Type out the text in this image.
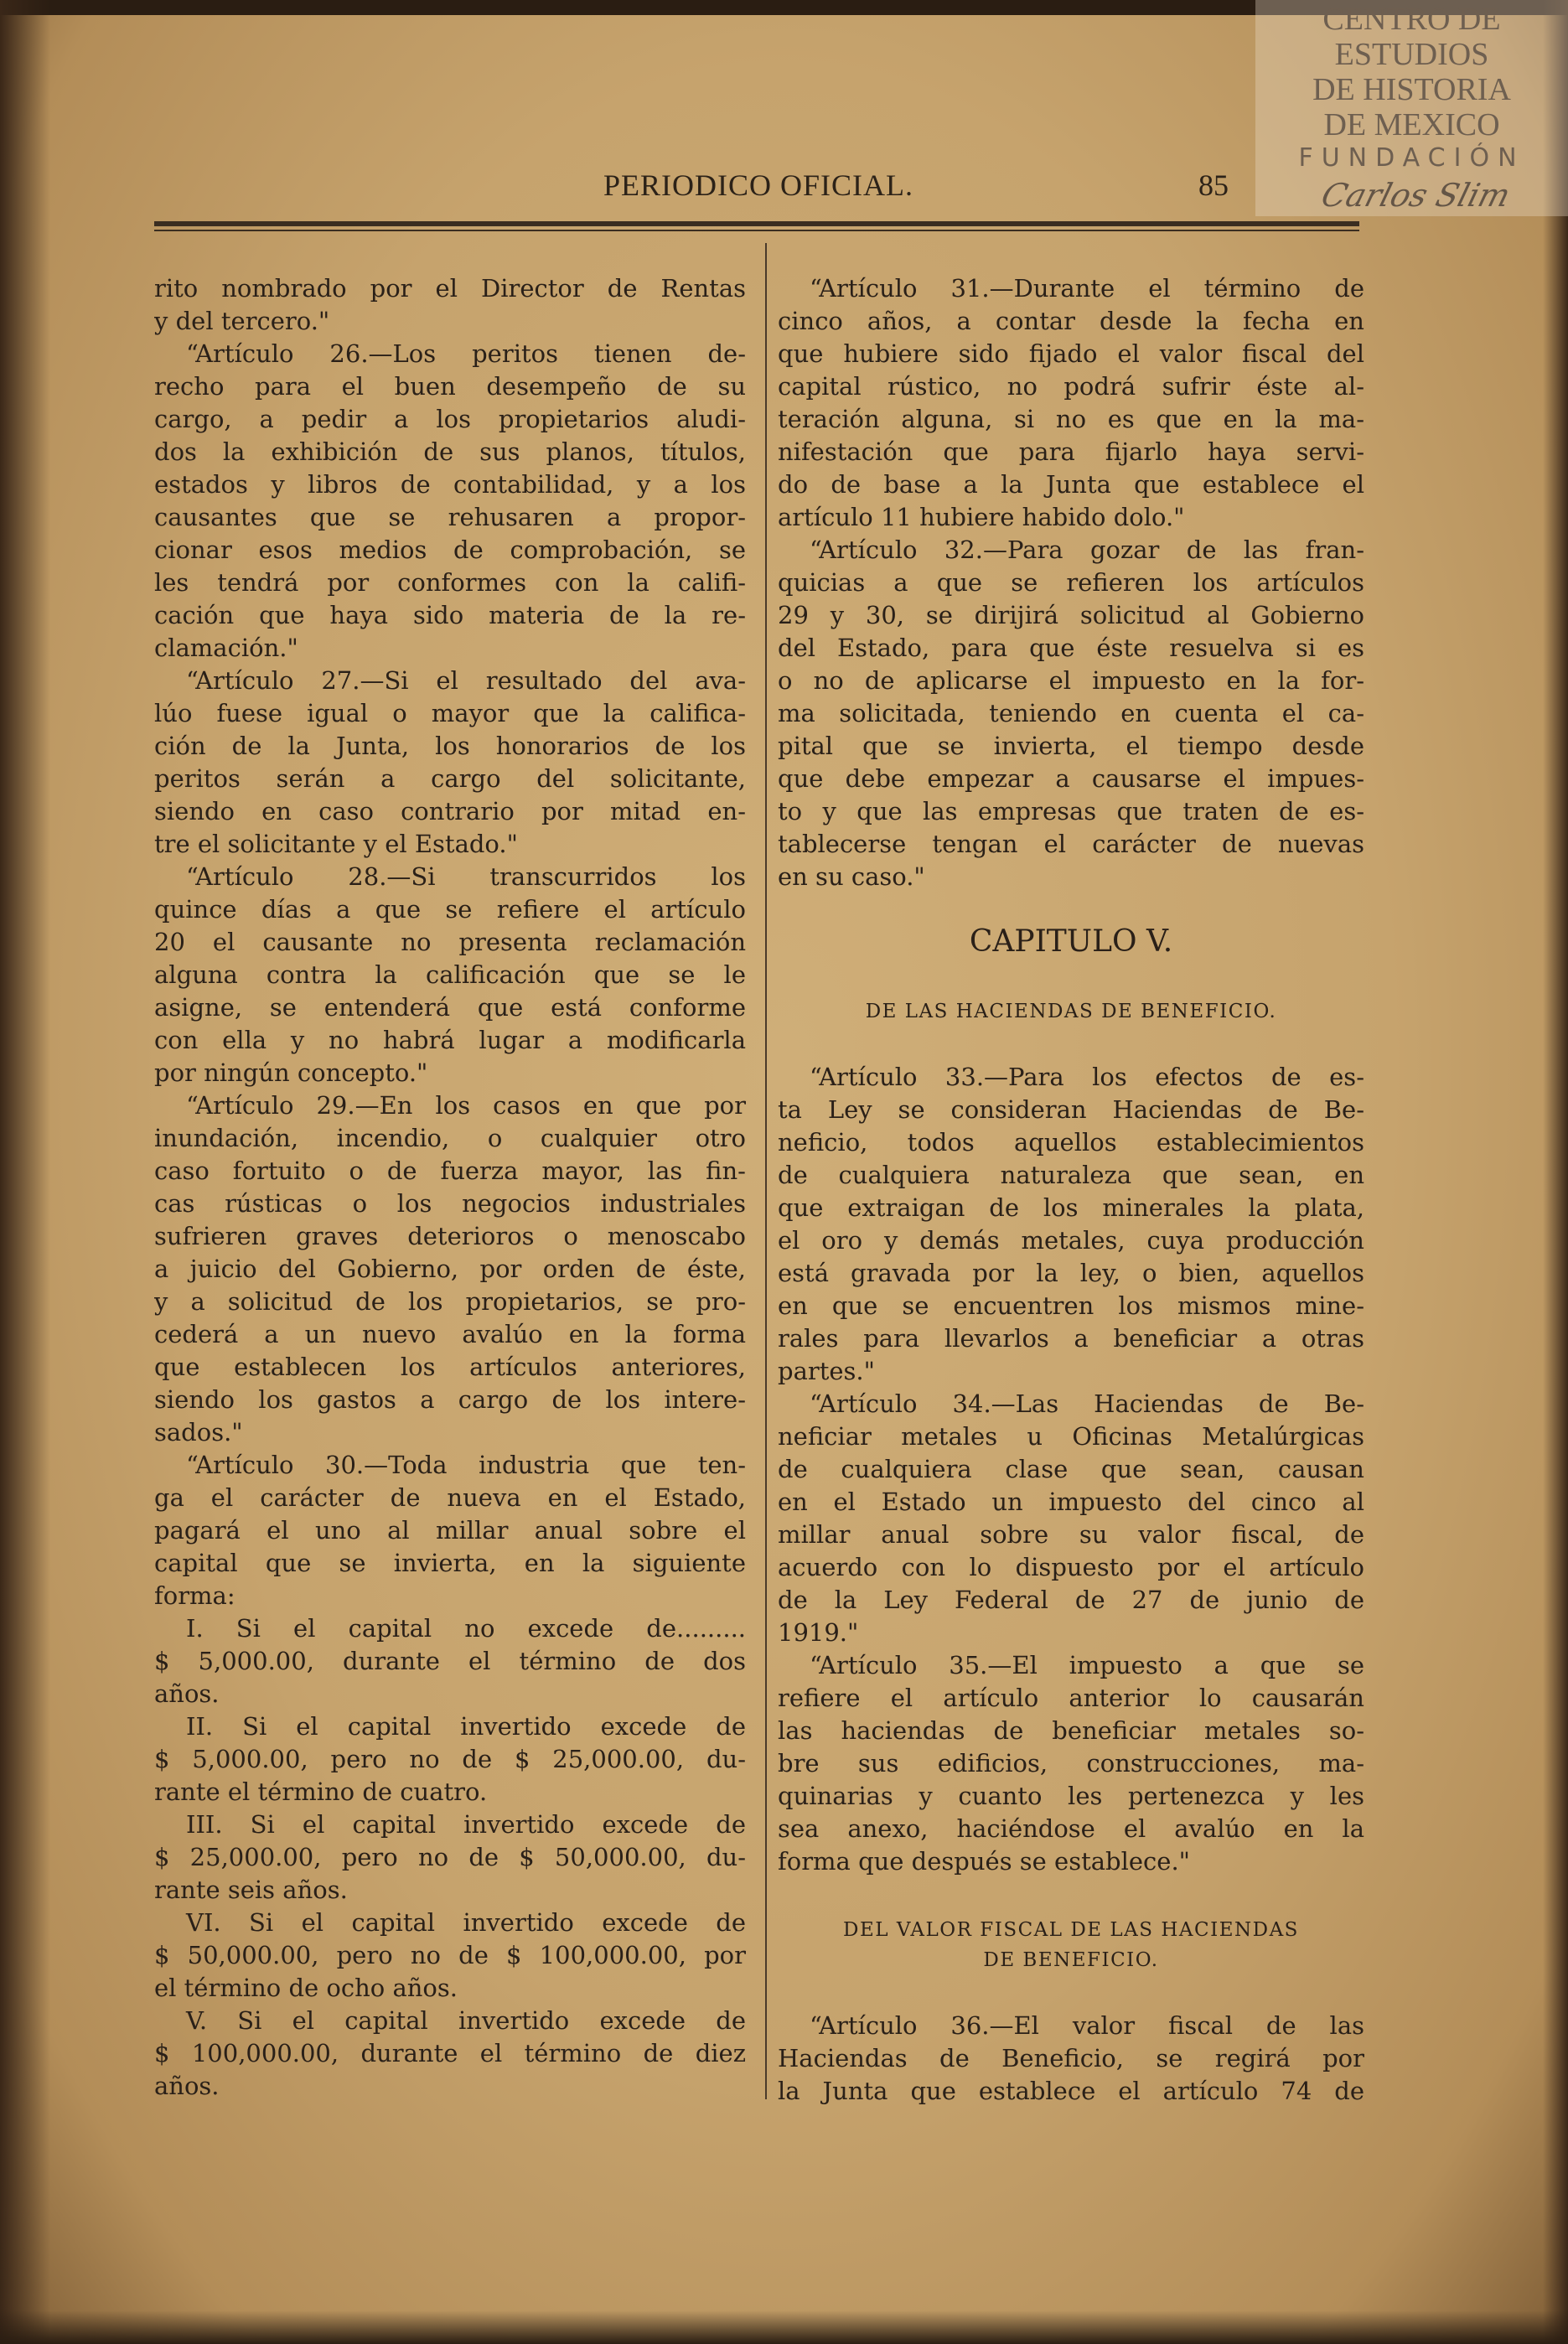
PERIODICO OFICIAL.	85
rito nombrado por el Director de Rentas
y del tercero."
“Artículo 26.—Los peritos tienen de-
recho para el buen desempeño de su
cargo, a pedir a los propietarios aludi-
dos la exhibición de sus planos, títulos,
estados y libros de contabilidad, y a los
causantes que se rehusaren a propor-
cionar esos medios de comprobación, se
les tendrá por conformes con la califi-
cación que haya sido materia de la re-
clamación."
“Artículo 27.—Si el resultado del ava-
lúo fuese igual o mayor que la califica-
ción de la Junta, los honorarios de los
peritos serán a cargo del solicitante,
siendo en caso contrario por mitad en-
tre el solicitante y el Estado."
“Artículo 28.—Si transcurridos los
quince días a que se refiere el artículo
20 el causante no presenta reclamación
alguna contra la calificación que se le
asigne, se entenderá que está conforme
con ella y no habrá lugar a modificarla
por ningún concepto."
“Artículo 29.—En los casos en que por
inundación, incendio, o cualquier otro
caso fortuito o de fuerza mayor, las fin-
cas rústicas o los negocios industriales
sufrieren graves deterioros o menoscabo
a juicio del Gobierno, por orden de éste,
y a solicitud de los propietarios, se pro-
cederá a un nuevo avalúo en la forma
que establecen los artículos anteriores,
siendo los gastos a cargo de los intere-
sados."
“Artículo 30.—Toda industria que ten-
ga el carácter de nueva en el Estado,
pagará el uno al millar anual sobre el
capital que se invierta, en la siguiente
forma:
I. Si el capital no excede de.........
$ 5,000.00, durante el término de dos
años.
II. Si el capital invertido excede de
$ 5,000.00, pero no de $ 25,000.00, du-
rante el término de cuatro.
III. Si el capital invertido excede de
$ 25,000.00, pero no de $ 50,000.00, du-
rante seis años.
VI. Si el capital invertido excede de
$ 50,000.00, pero no de $ 100,000.00, por
el término de ocho años.
V. Si el capital invertido excede de
$ 100,000.00, durante el término de diez
años.
“Artículo 31.—Durante el término de
cinco años, a contar desde la fecha en
que hubiere sido fijado el valor fiscal del
capital rústico, no podrá sufrir éste al-
teración alguna, si no es que en la ma-
nifestación que para fijarlo haya servi-
do de base a la Junta que establece el
artículo 11 hubiere habido dolo."
“Artículo 32.—Para gozar de las fran-
quicias a que se refieren los artículos
29 y 30, se dirijirá solicitud al Gobierno
del Estado, para que éste resuelva si es
o no de aplicarse el impuesto en la for-
ma solicitada, teniendo en cuenta el ca-
pital que se invierta, el tiempo desde
que debe empezar a causarse el impues-
to y que las empresas que traten de es-
tablecerse tengan el carácter de nuevas
en su caso."
CAPITULO V.
DE LAS HACIENDAS DE BENEFICIO.
“Artículo 33.—Para los efectos de es-
ta Ley se consideran Haciendas de Be-
neficio, todos aquellos establecimientos
de cualquiera naturaleza que sean, en
que extraigan de los minerales la plata,
el oro y demás metales, cuya producción
está gravada por la ley, o bien, aquellos
en que se encuentren los mismos mine-
rales para llevarlos a beneficiar a otras
partes."
“Artículo 34.—Las Haciendas de Be-
neficiar metales u Oficinas Metalúrgicas
de cualquiera clase que sean, causan
en el Estado un impuesto del cinco al
millar anual sobre su valor fiscal, de
acuerdo con lo dispuesto por el artículo
de la Ley Federal de 27 de junio de
1919."
“Artículo 35.—El impuesto a que se
refiere el artículo anterior lo causarán
las haciendas de beneficiar metales so-
bre sus edificios, construcciones, ma-
quinarias y cuanto les pertenezca y les
sea anexo, haciéndose el avalúo en la
forma que después se establece."
DEL VALOR FISCAL DE LAS HACIENDAS
DE BENEFICIO.
“Artículo 36.—El valor fiscal de las
Haciendas de Beneficio, se regirá por
la Junta que establece el artículo 74 de
CENTRO DE
ESTUDIOS
DE HISTORIA
DE MEXICO
FUNDACIÓN
Carlos Slim
